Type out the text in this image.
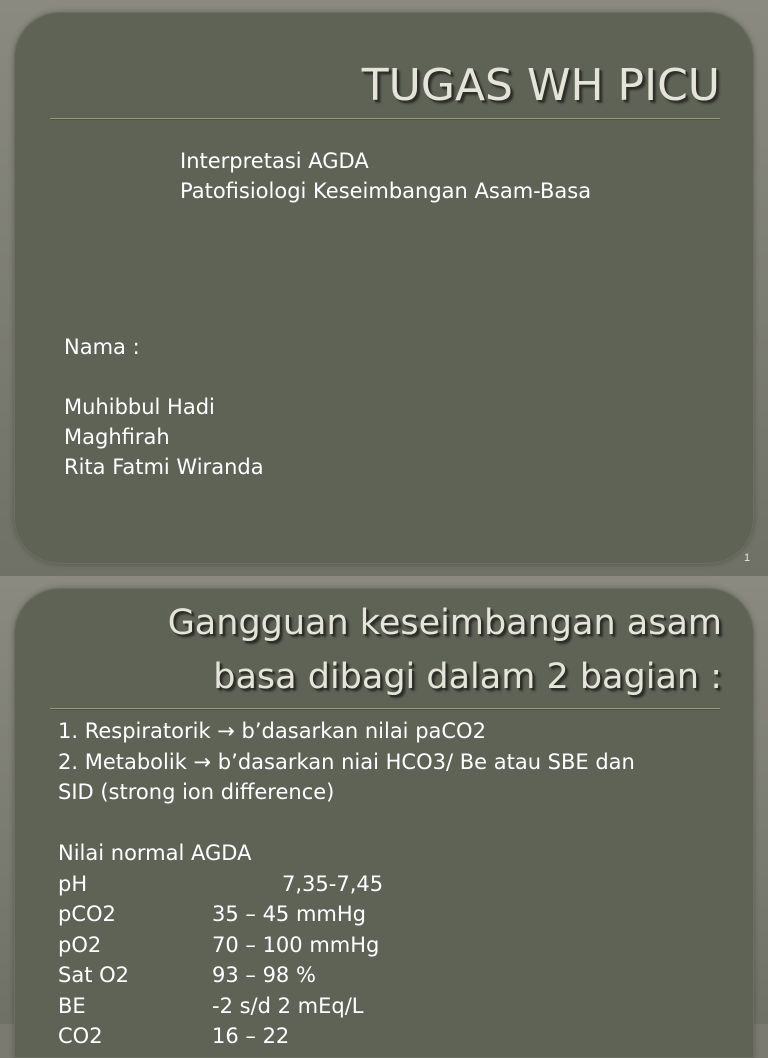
TUGAS WH PICU
Interpretasi AGDA
Patofisiologi Keseimbangan Asam-Basa
Nama :
Muhibbul Hadi
Maghfirah
Rita Fatmi Wiranda
1
Gangguan keseimbangan asam
basa dibagi dalam 2 bagian :
1. Respiratorik → b’dasarkan nilai paCO2
2. Metabolik → b’dasarkan niai HCO3/ Be atau SBE dan
SID (strong ion difference)
Nilai normal AGDA
pH	7,35-7,45
pCO2	35 – 45 mmHg
pO2	70 – 100 mmHg
Sat O2	93 – 98 %
BE	-2 s/d 2 mEq/L
CO2	16 – 22
